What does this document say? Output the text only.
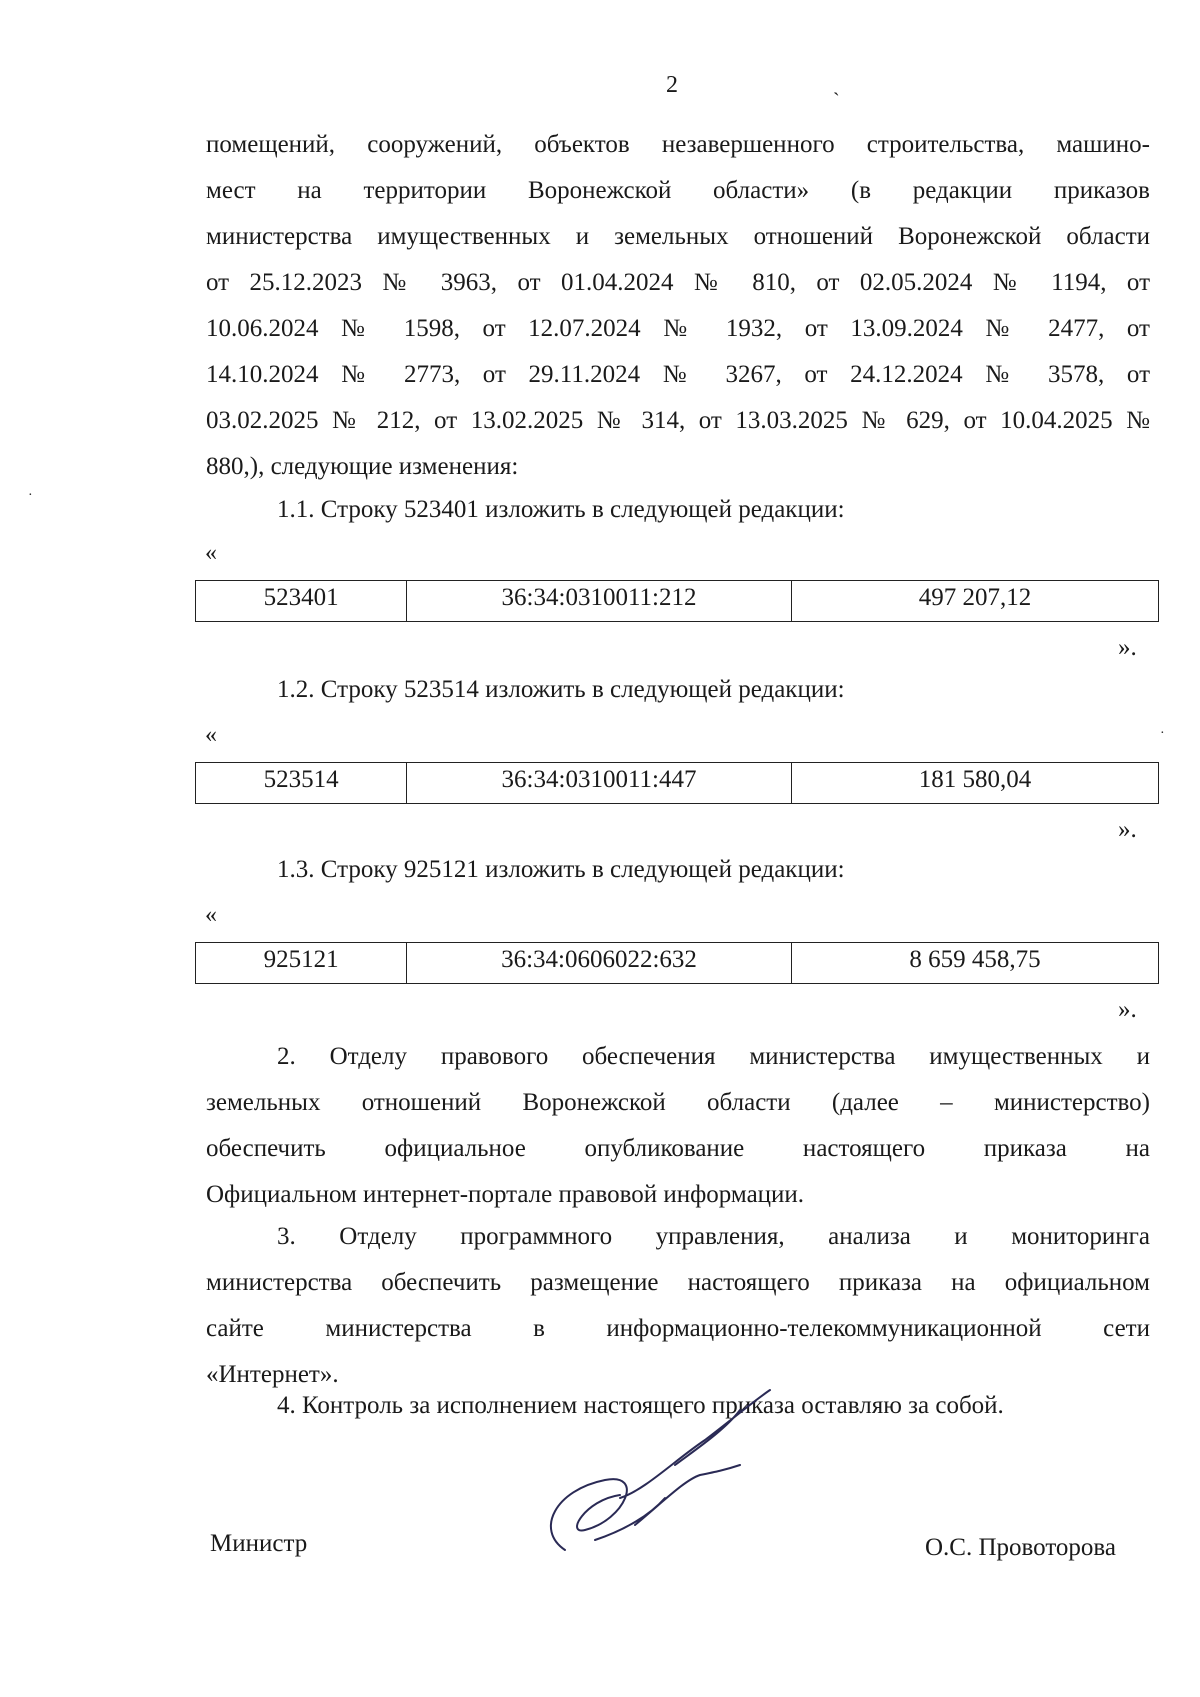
2	ˏ
·
·
помещений, сооружений, объектов незавершенного строительства, машино-
мест на территории Воронежской области» (в редакции приказов
министерства имущественных и земельных отношений Воронежской области
от 25.12.2023 № 3963, от 01.04.2024 № 810, от 02.05.2024 № 1194, от
10.06.2024 № 1598, от 12.07.2024 № 1932, от 13.09.2024 № 2477, от
14.10.2024 № 2773, от 29.11.2024 № 3267, от 24.12.2024 № 3578, от
03.02.2025 № 212, от 13.02.2025 № 314, от 13.03.2025 № 629, от 10.04.2025 №
880,), следующие изменения:
1.1. Строку 523401 изложить в следующей редакции:
«
523401	36:34:0310011:212	497 207,12
».
1.2. Строку 523514 изложить в следующей редакции:
«
523514	36:34:0310011:447	181 580,04
».
1.3. Строку 925121 изложить в следующей редакции:
«
925121	36:34:0606022:632	8 659 458,75
».
2. Отделу правового обеспечения министерства имущественных и
земельных отношений Воронежской области (далее – министерство)
обеспечить официальное опубликование настоящего приказа на
Официальном интернет-портале правовой информации.
3. Отделу программного управления, анализа и мониторинга
министерства обеспечить размещение настоящего приказа на официальном
сайте министерства в информационно-телекоммуникационной сети
«Интернет».
4. Контроль за исполнением настоящего приказа оставляю за собой.
Министр	О.С. Провоторова
